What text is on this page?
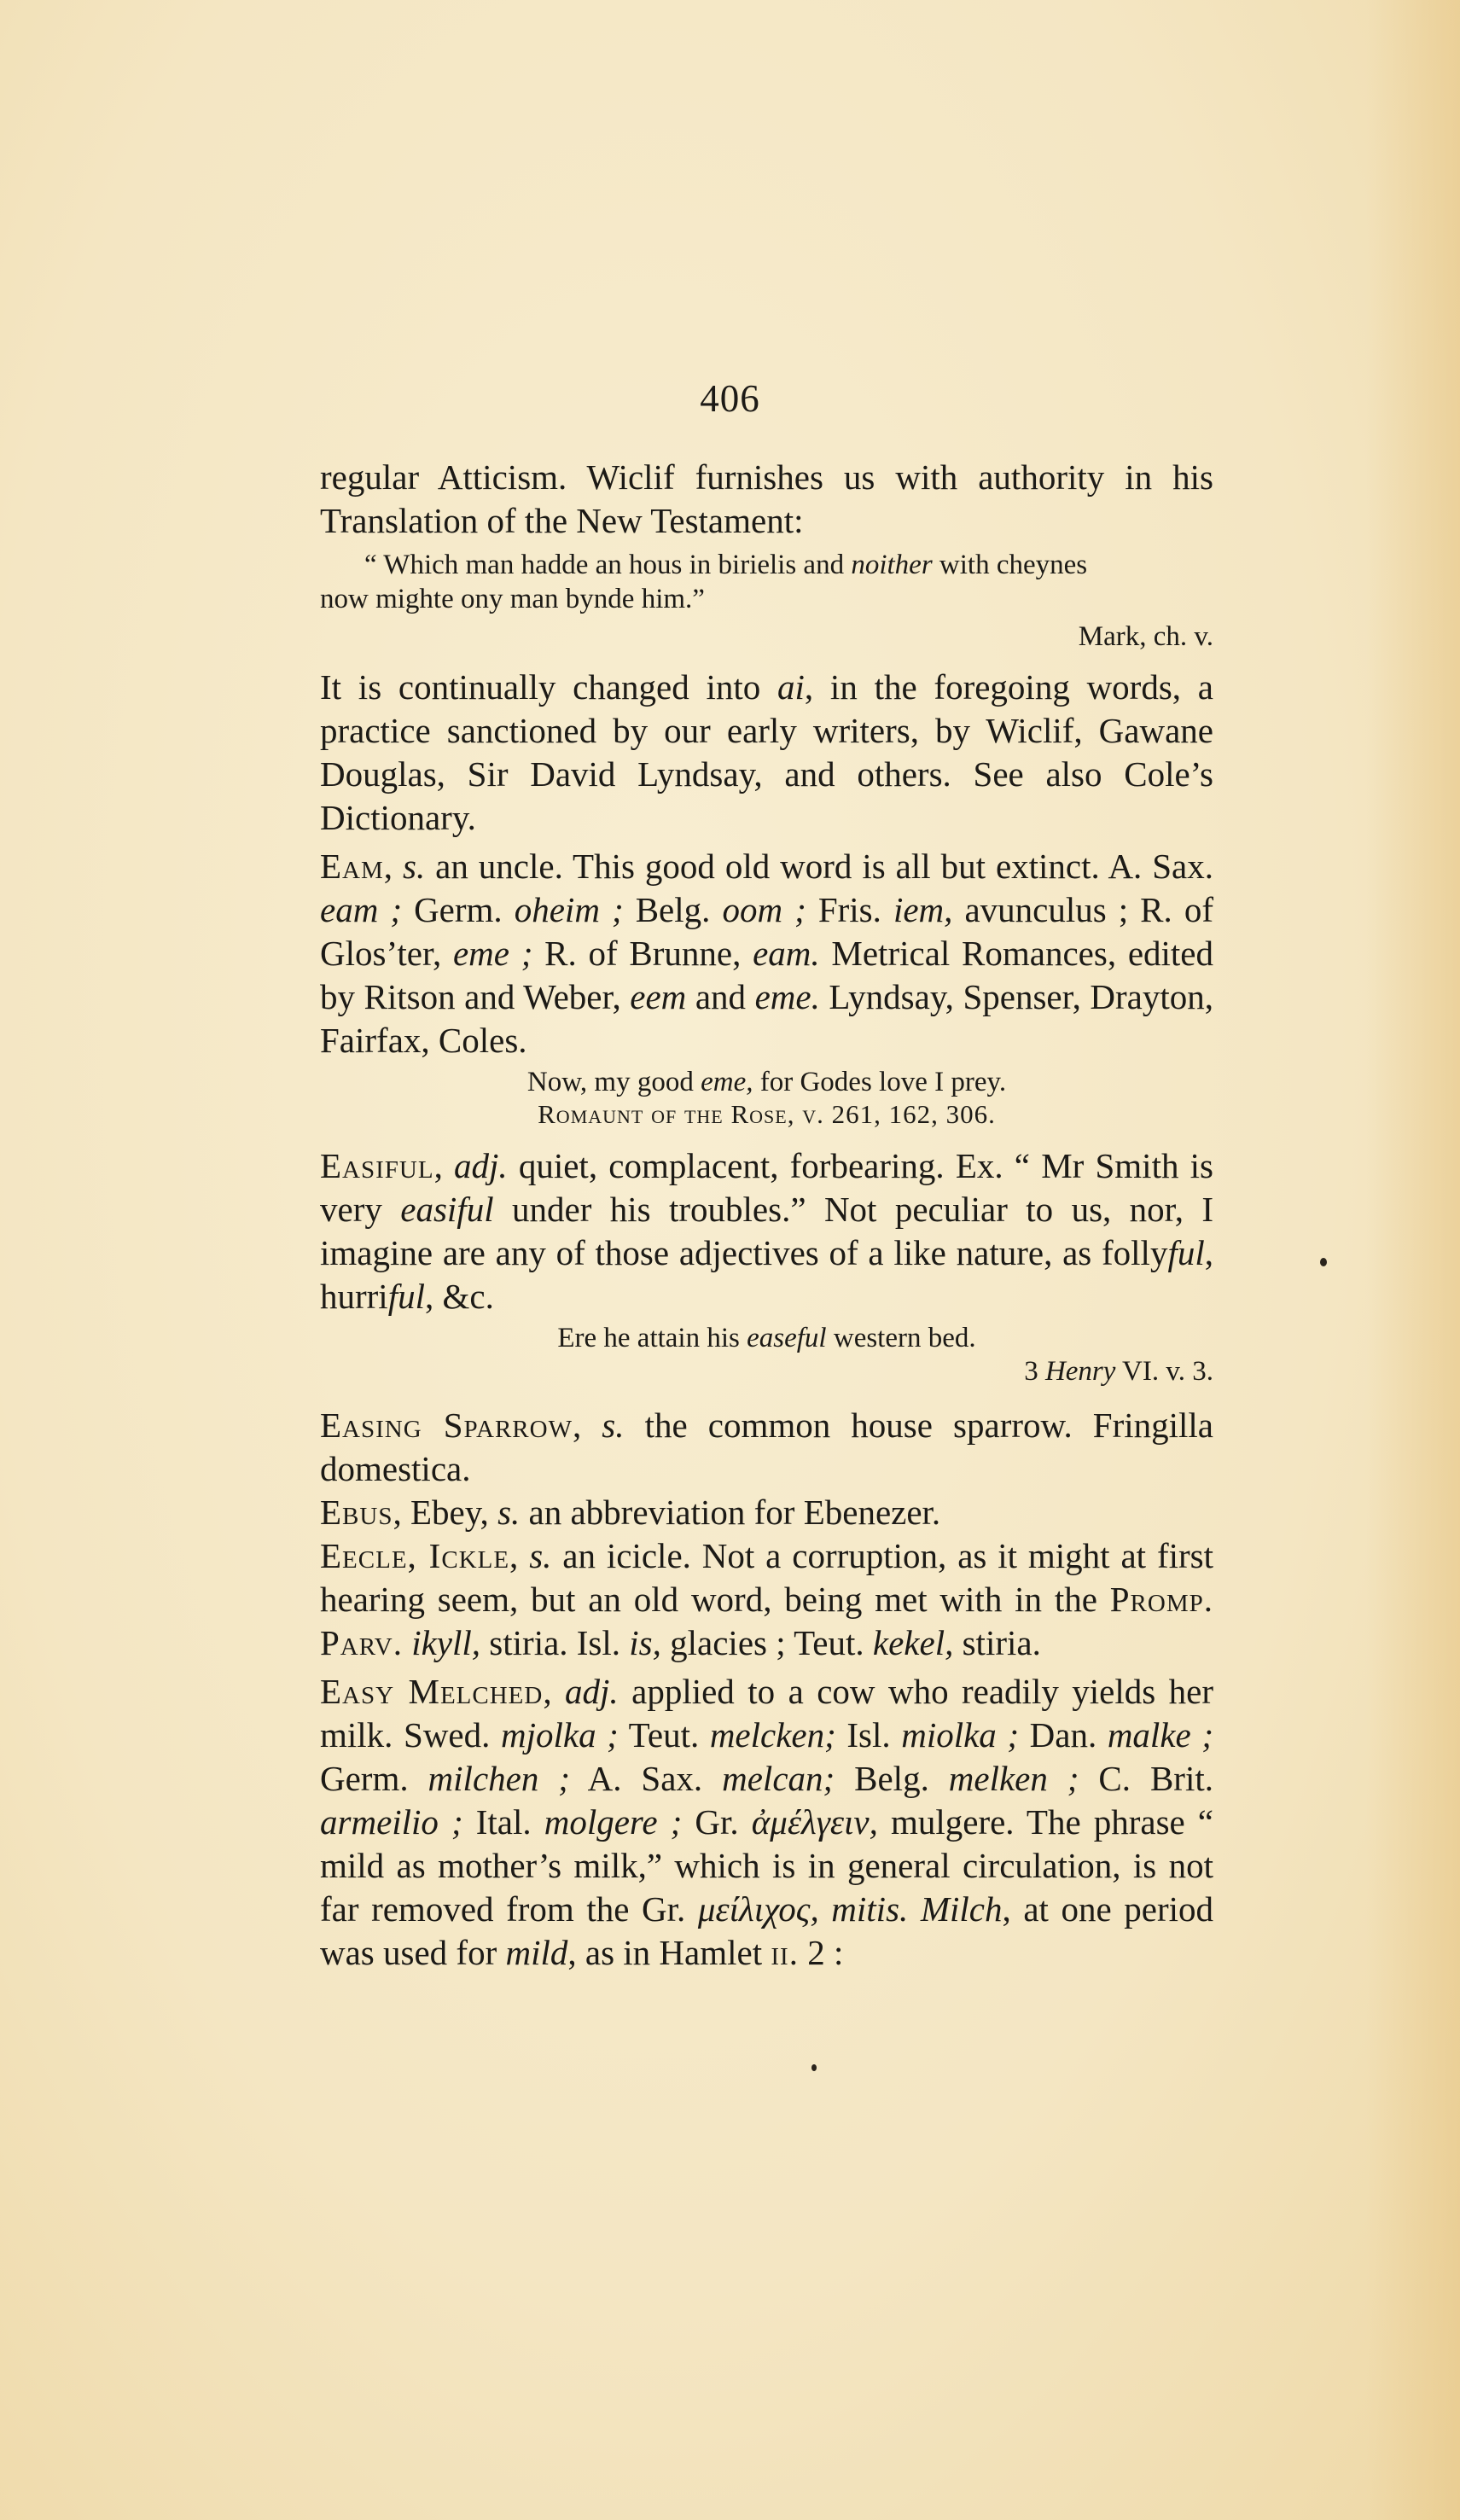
406

regular Atticism. Wiclif furnishes us with authority in his Translation of the New Testament:

“ Which man hadde an hous in birielis and noither with cheynes
now mighte ony man bynde him.”
Mark, ch. v.

It is continually changed into ai, in the foregoing words, a practice sanctioned by our early writers, by Wiclif, Gawane Douglas, Sir David Lyndsay, and others. See also Cole’s Dictionary.

Eam, s. an uncle. This good old word is all but extinct. A. Sax. eam ; Germ. oheim ; Belg. oom ; Fris. iem, avunculus ; R. of Glos’ter, eme ; R. of Brunne, eam. Metrical Romances, edited by Ritson and Weber, eem and eme. Lyndsay, Spenser, Drayton, Fairfax, Coles.

Now, my good eme, for Godes love I prey.
Romaunt of the Rose, v. 261, 162, 306.

Easiful, adj. quiet, complacent, forbearing. Ex. “ Mr Smith is very easiful under his troubles.” Not peculiar to us, nor, I imagine are any of those adjectives of a like nature, as follyful, hurriful, &c.

Ere he attain his easeful western bed.
3 Henry VI. v. 3.

Easing Sparrow, s. the common house sparrow. Fringilla domestica.

Ebus, Ebey, s. an abbreviation for Ebenezer.

Eecle, Ickle, s. an icicle. Not a corruption, as it might at first hearing seem, but an old word, being met with in the Promp. Parv. ikyll, stiria. Isl. is, glacies ; Teut. kekel, stiria.

Easy Melched, adj. applied to a cow who readily yields her milk. Swed. mjolka ; Teut. melcken; Isl. miolka ; Dan. malke ; Germ. milchen ; A. Sax. melcan; Belg. melken ; C. Brit. armeilio ; Ital. molgere ; Gr. ἀμέλγειν, mulgere. The phrase “ mild as mother’s milk,” which is in general circulation, is not far removed from the Gr. μείλιχος, mitis. Milch, at one period was used for mild, as in Hamlet ii. 2 :
